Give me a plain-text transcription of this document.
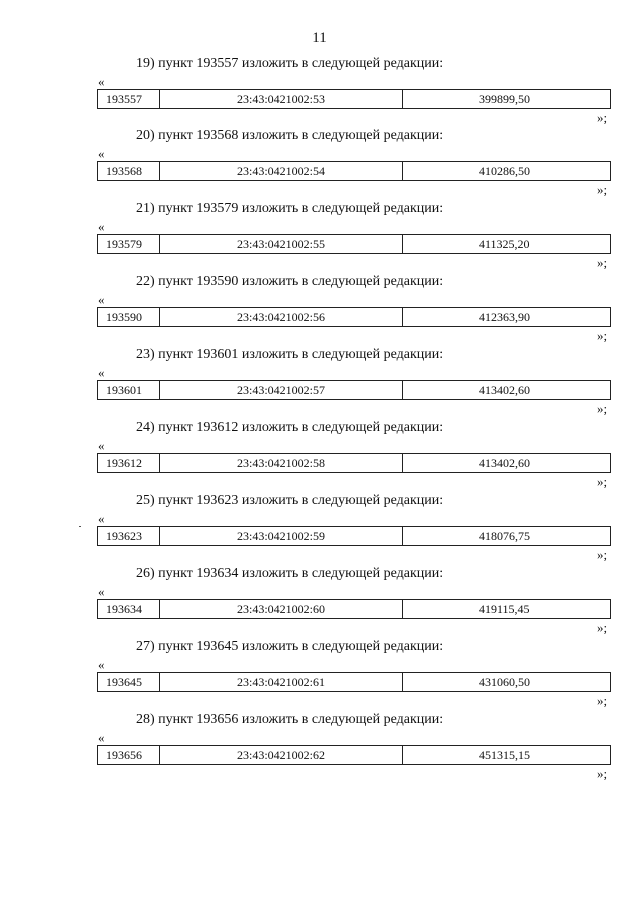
11
19) пункт 193557 изложить в следующей редакции:
«
193557	23:43:0421002:53	399899,50
»;
20) пункт 193568 изложить в следующей редакции:
«
193568	23:43:0421002:54	410286,50
»;
21) пункт 193579 изложить в следующей редакции:
«
193579	23:43:0421002:55	411325,20
»;
22) пункт 193590 изложить в следующей редакции:
«
193590	23:43:0421002:56	412363,90
»;
23) пункт 193601 изложить в следующей редакции:
«
193601	23:43:0421002:57	413402,60
»;
24) пункт 193612 изложить в следующей редакции:
«
193612	23:43:0421002:58	413402,60
»;
25) пункт 193623 изложить в следующей редакции:
«
193623	23:43:0421002:59	418076,75
»;
26) пункт 193634 изложить в следующей редакции:
«
193634	23:43:0421002:60	419115,45
»;
27) пункт 193645 изложить в следующей редакции:
«
193645	23:43:0421002:61	431060,50
»;
28) пункт 193656 изложить в следующей редакции:
«
193656	23:43:0421002:62	451315,15
»;
